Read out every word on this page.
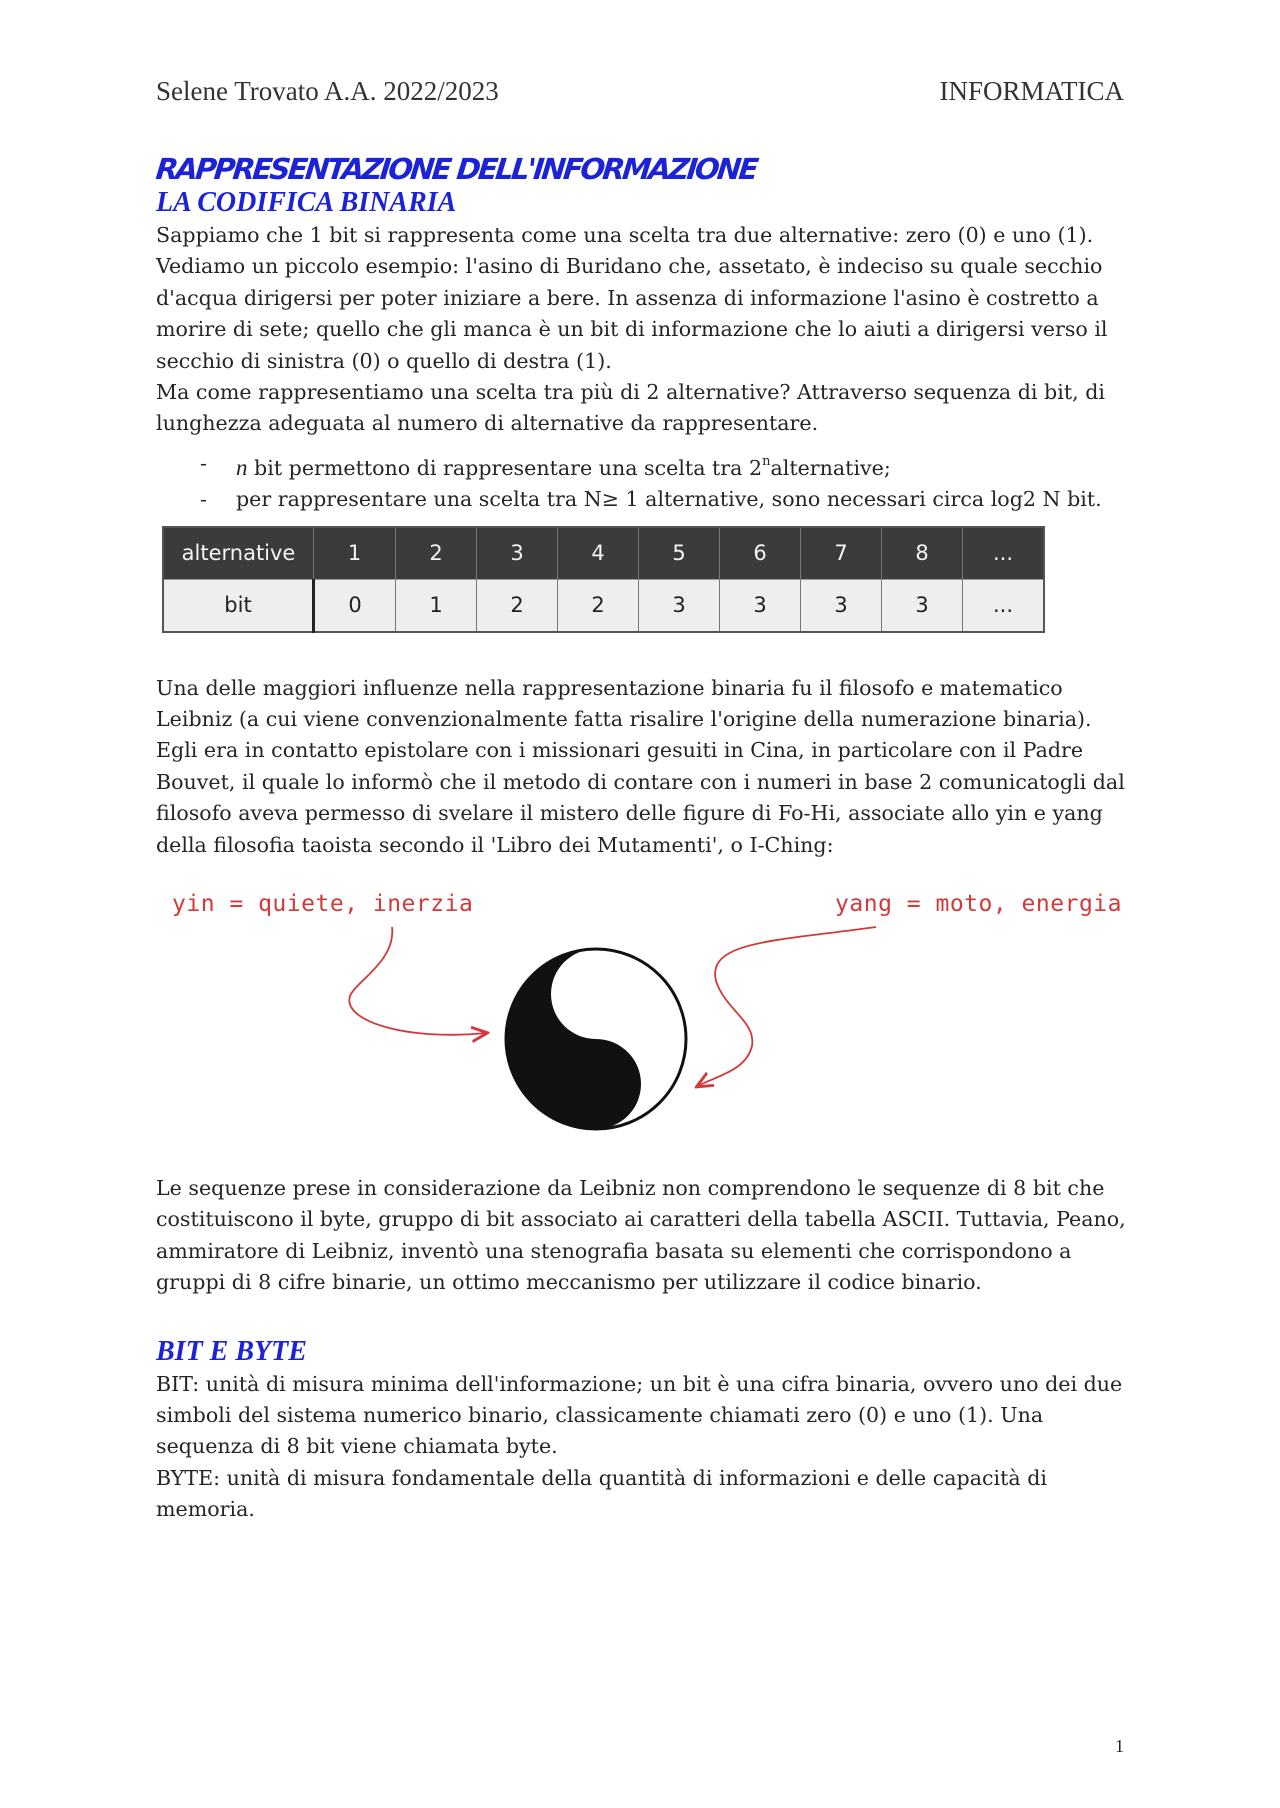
Selene Trovato A.A. 2022/2023	INFORMATICA
RAPPRESENTAZIONE DELL'INFORMAZIONE
LA CODIFICA BINARIA

Sappiamo che 1 bit si rappresenta come una scelta tra due alternative: zero (0) e uno (1).
Vediamo un piccolo esempio: l'asino di Buridano che, assetato, è indeciso su quale secchio
d'acqua dirigersi per poter iniziare a bere. In assenza di informazione l'asino è costretto a
morire di sete; quello che gli manca è un bit di informazione che lo aiuti a dirigersi verso il
secchio di sinistra (0) o quello di destra (1).

Ma come rappresentiamo una scelta tra più di 2 alternative? Attraverso sequenza di bit, di
lunghezza adeguata al numero di alternative da rappresentare.

- n bit permettono di rappresentare una scelta tra 2$^n$alternative;
- per rappresentare una scelta tra N≥ 1 alternative, sono necessari circa log2 N bit.
alternative	1	2	3	4	5	6	7	8	...
bit	0	1	2	2	3	3	3	3	...

Una delle maggiori influenze nella rappresentazione binaria fu il filosofo e matematico
Leibniz (a cui viene convenzionalmente fatta risalire l'origine della numerazione binaria).
Egli era in contatto epistolare con i missionari gesuiti in Cina, in particolare con il Padre
Bouvet, il quale lo informò che il metodo di contare con i numeri in base 2 comunicatogli dal
filosofo aveva permesso di svelare il mistero delle figure di Fo-Hi, associate allo yin e yang
della filosofia taoista secondo il 'Libro dei Mutamenti', o I-Ching:

yin = quiete, inerzia	yang = moto, energia

Le sequenze prese in considerazione da Leibniz non comprendono le sequenze di 8 bit che
costituiscono il byte, gruppo di bit associato ai caratteri della tabella ASCII. Tuttavia, Peano,
ammiratore di Leibniz, inventò una stenografia basata su elementi che corrispondono a
gruppi di 8 cifre binarie, un ottimo meccanismo per utilizzare il codice binario.

BIT E BYTE

BIT: unità di misura minima dell'informazione; un bit è una cifra binaria, ovvero uno dei due
simboli del sistema numerico binario, classicamente chiamati zero (0) e uno (1). Una
sequenza di 8 bit viene chiamata byte.

BYTE: unità di misura fondamentale della quantità di informazioni e delle capacità di
memoria.

1
